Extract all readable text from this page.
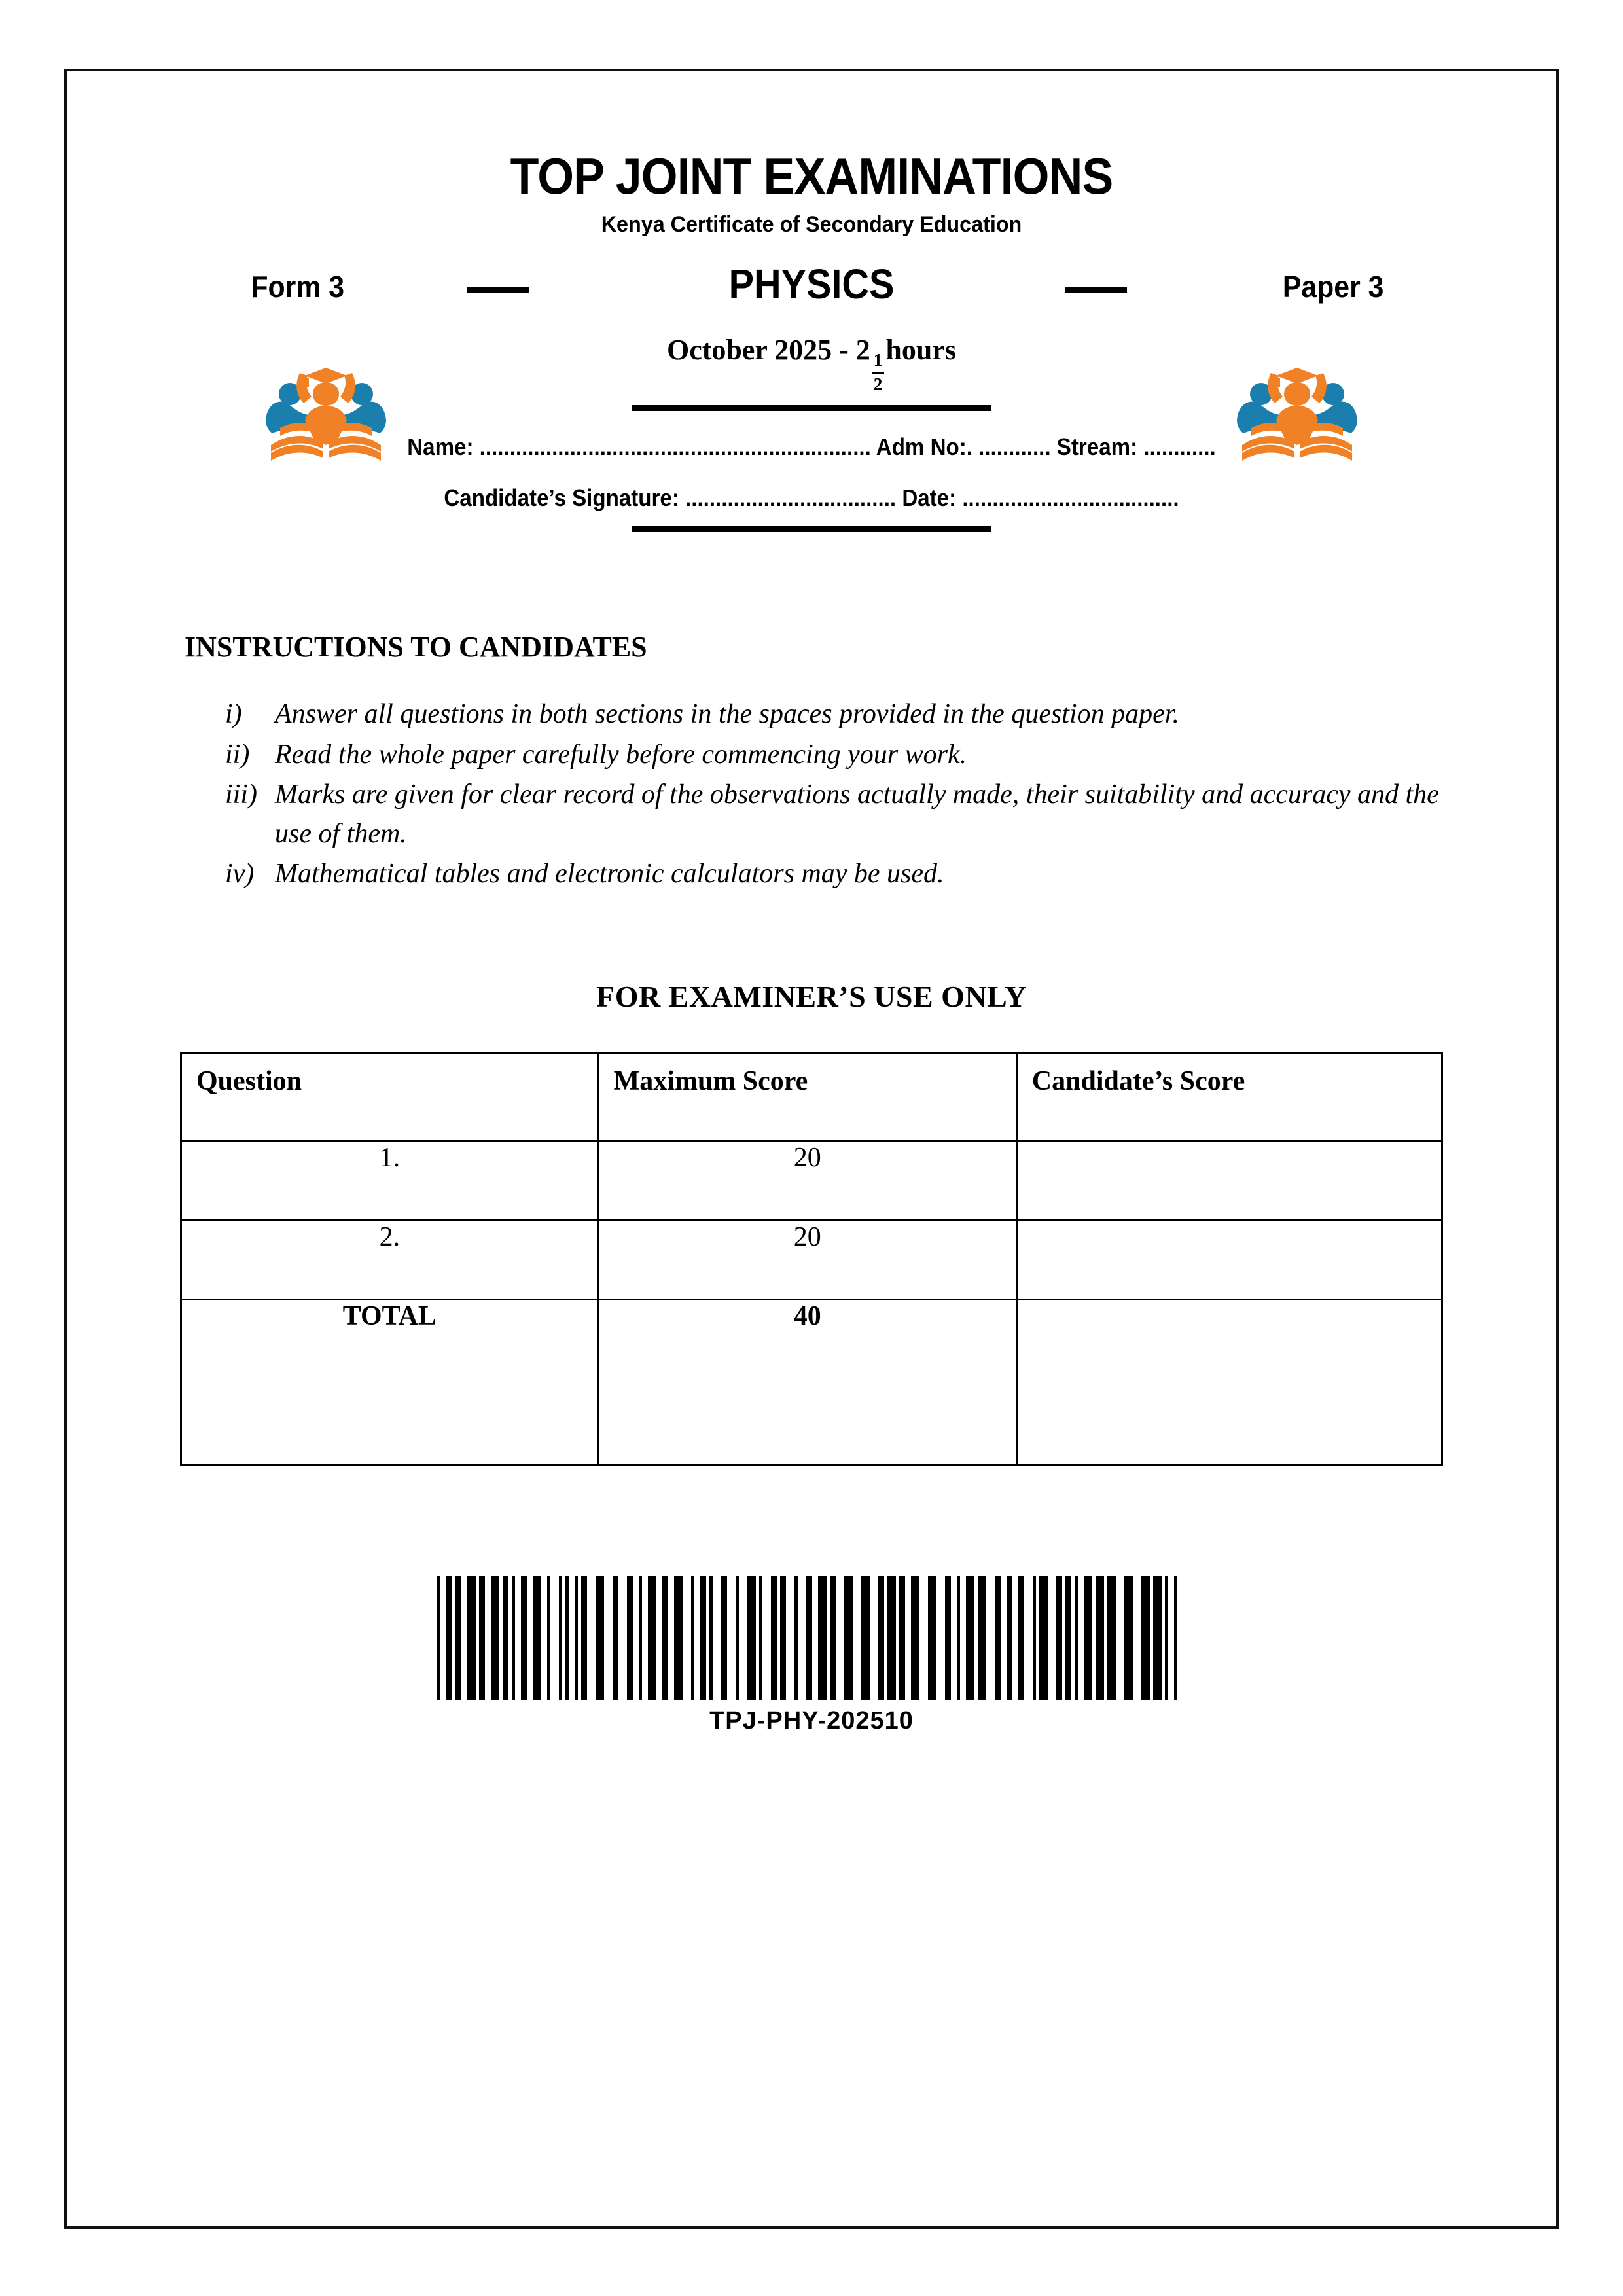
TOP JOINT EXAMINATIONS
Kenya Certificate of Secondary Education
Form 3	PHYSICS	Paper 3
October 2025 - 2
$\frac{1}{2}$
hours
Name: ................................................................. Adm No:. ............ Stream: ............
Candidate’s Signature: ................................... Date: ....................................
INSTRUCTIONS TO CANDIDATES
i)	Answer all questions in both sections in the spaces provided in the question paper.
ii) Read the whole paper carefully before commencing your work.
iii) Marks are given for clear record of the observations actually made, their suitability and accuracy and the use of them.
iv) Mathematical tables and electronic calculators may be used.
FOR EXAMINER’S USE ONLY
Question	Maximum Score	Candidate’s Score
1.	20	
2.	20	
TOTAL	40	
TPJ-PHY-202510
